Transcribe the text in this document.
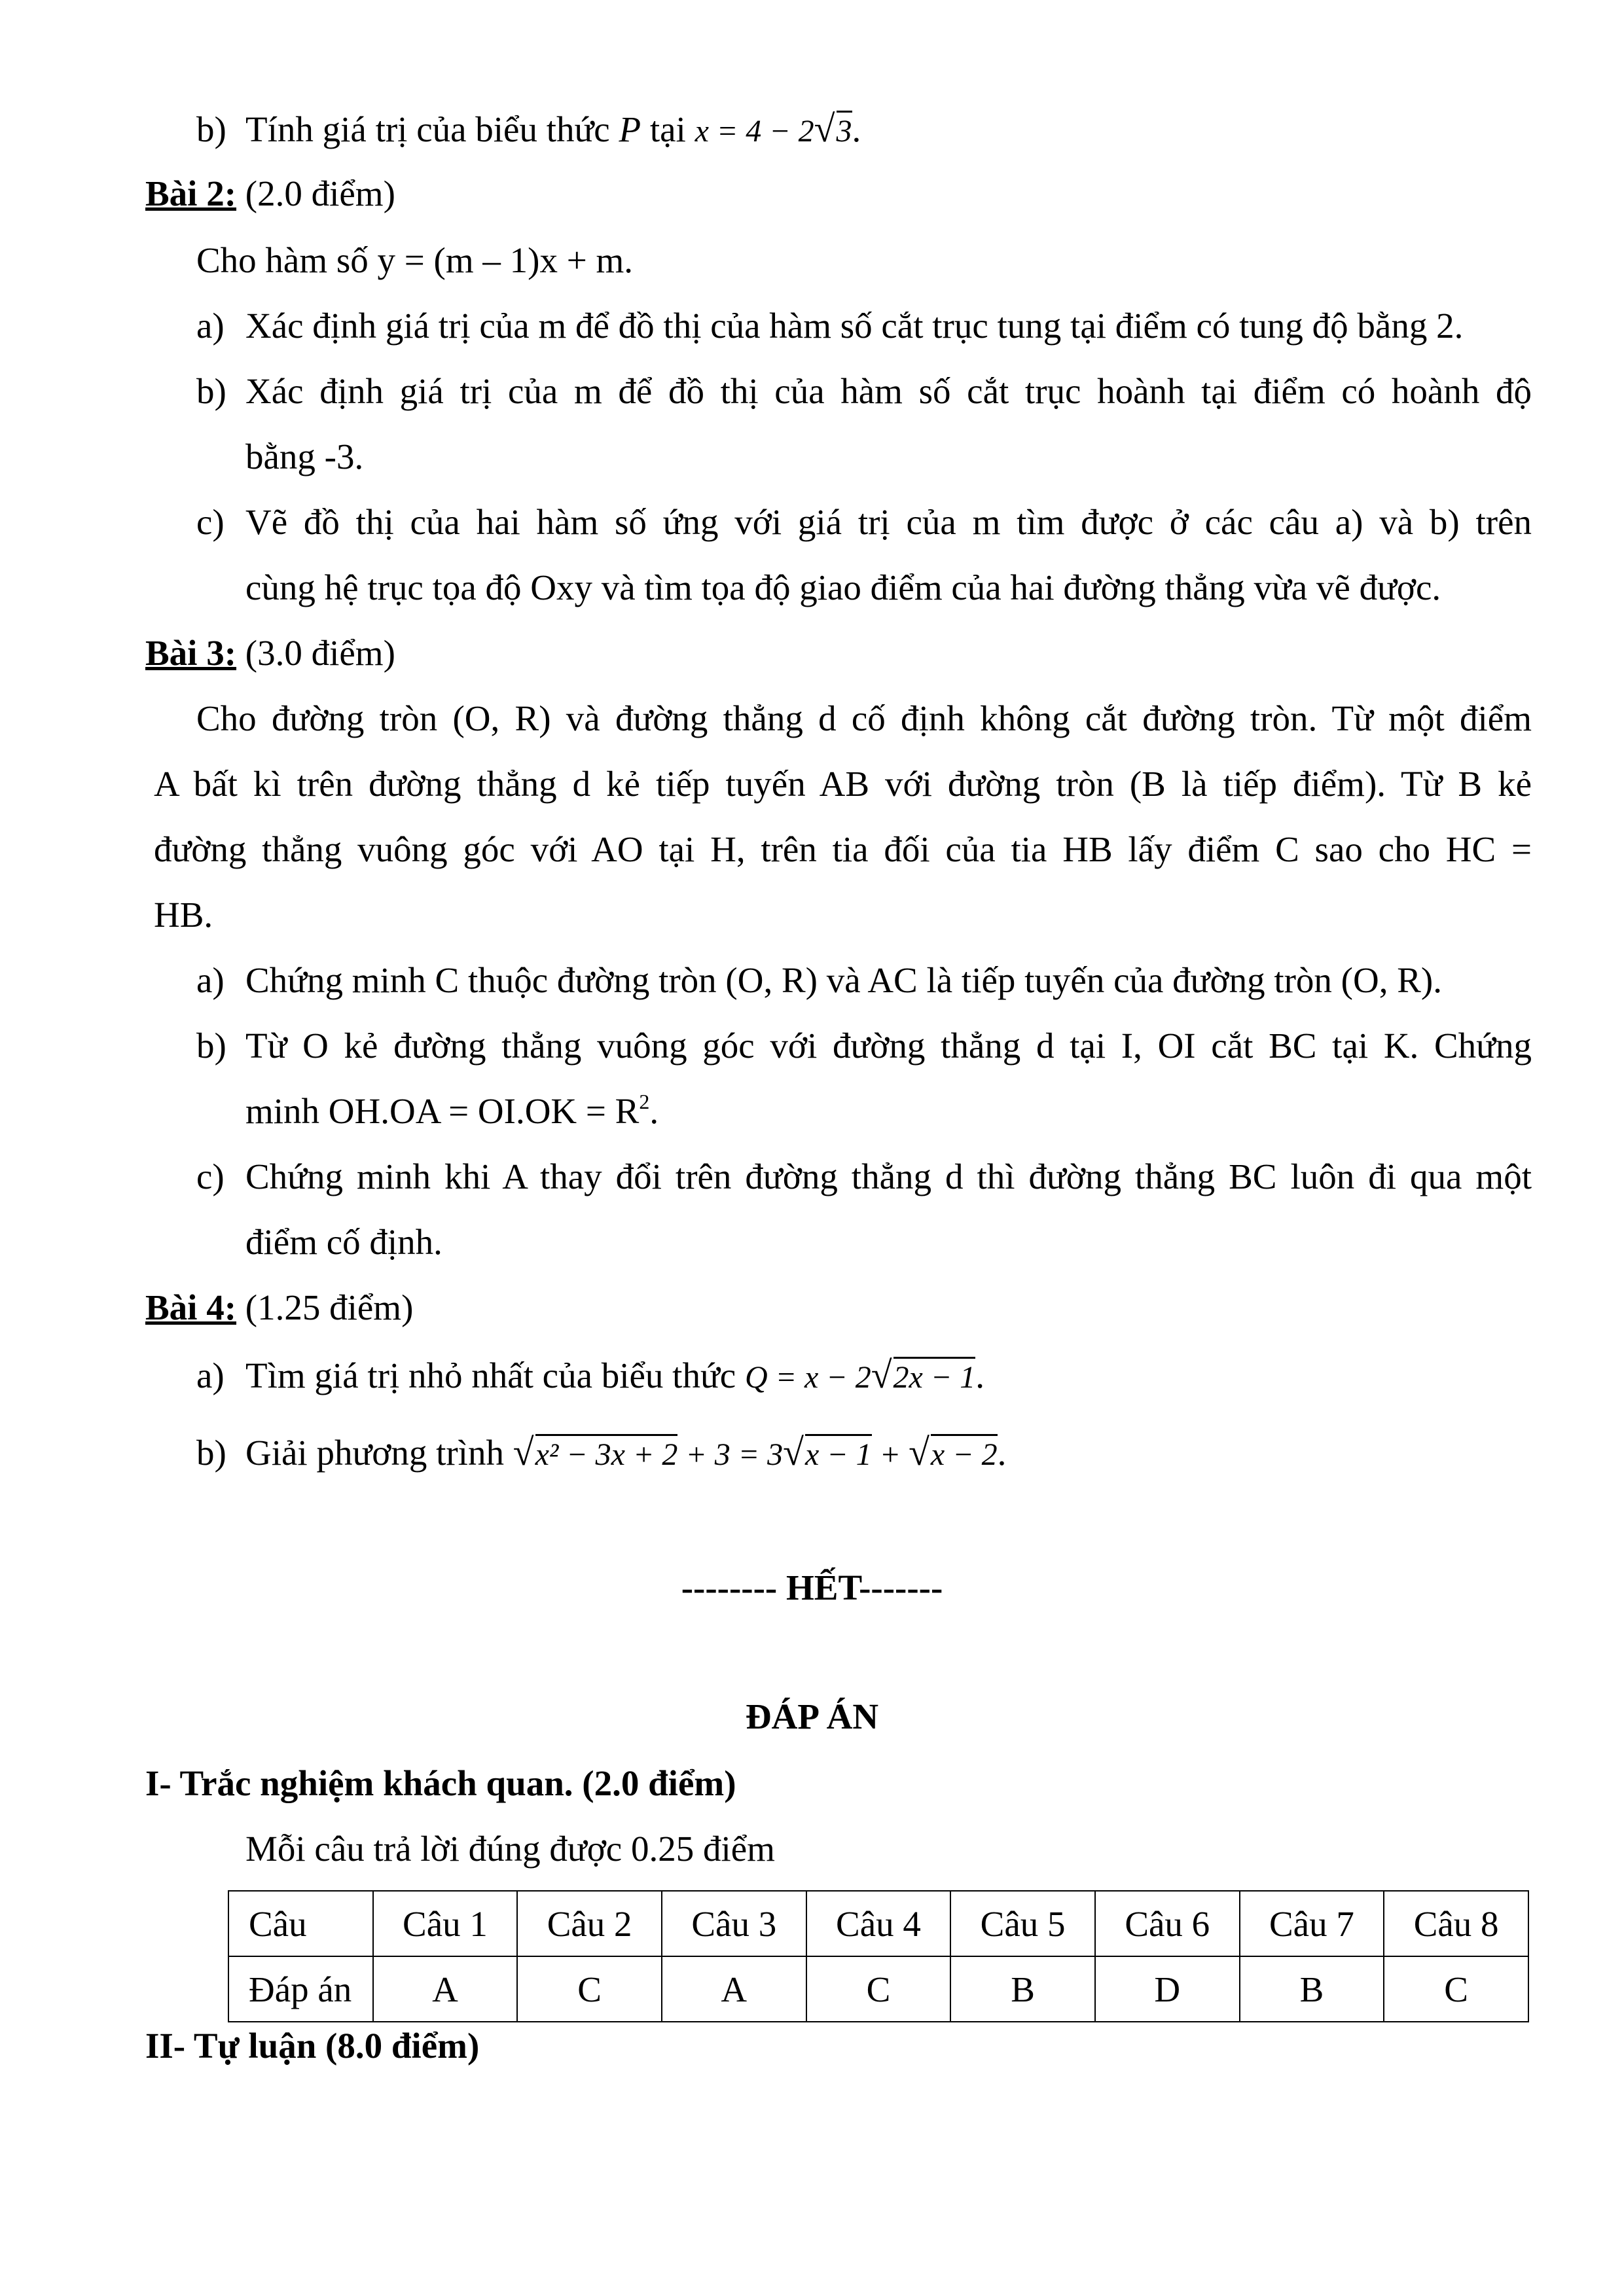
b) Tính giá trị của biểu thức P tại x = 4 − 2√3.
Bài 2: (2.0 điểm)
Cho hàm số y = (m – 1)x + m.
a) Xác định giá trị của m để đồ thị của hàm số cắt trục tung tại điểm có tung độ bằng 2.
b) Xác định giá trị của m để đồ thị của hàm số cắt trục hoành tại điểm có hoành độ
bằng -3.
c) Vẽ đồ thị của hai hàm số ứng với giá trị của m tìm được ở các câu a) và b) trên
cùng hệ trục tọa độ Oxy và tìm tọa độ giao điểm của hai đường thẳng vừa vẽ được.
Bài 3: (3.0 điểm)
Cho đường tròn (O, R) và đường thẳng d cố định không cắt đường tròn. Từ một điểm
A bất kì trên đường thẳng d kẻ tiếp tuyến AB với đường tròn (B là tiếp điểm). Từ B kẻ
đường thẳng vuông góc với AO tại H, trên tia đối của tia HB lấy điểm C sao cho HC =
HB.
a) Chứng minh C thuộc đường tròn (O, R) và AC là tiếp tuyến của đường tròn (O, R).
b) Từ O kẻ đường thẳng vuông góc với đường thẳng d tại I, OI cắt BC tại K. Chứng
minh $OH.OA = OI.OK = R^2$.
c) Chứng minh khi A thay đổi trên đường thẳng d thì đường thẳng BC luôn đi qua một
điểm cố định.
Bài 4: (1.25 điểm)
a) Tìm giá trị nhỏ nhất của biểu thức Q = x − 2√2x − 1.
b) Giải phương trình √x² − 3x + 2 + 3 = 3√x − 1 + √x − 2.
-------- HẾT-------
ĐÁP ÁN
I- Trắc nghiệm khách quan. (2.0 điểm)
Mỗi câu trả lời đúng được 0.25 điểm
Câu	Câu 1	Câu 2	Câu 3	Câu 4	Câu 5	Câu 6	Câu 7	Câu 8
Đáp án	A	C	A	C	B	D	B	C
II- Tự luận (8.0 điểm)
